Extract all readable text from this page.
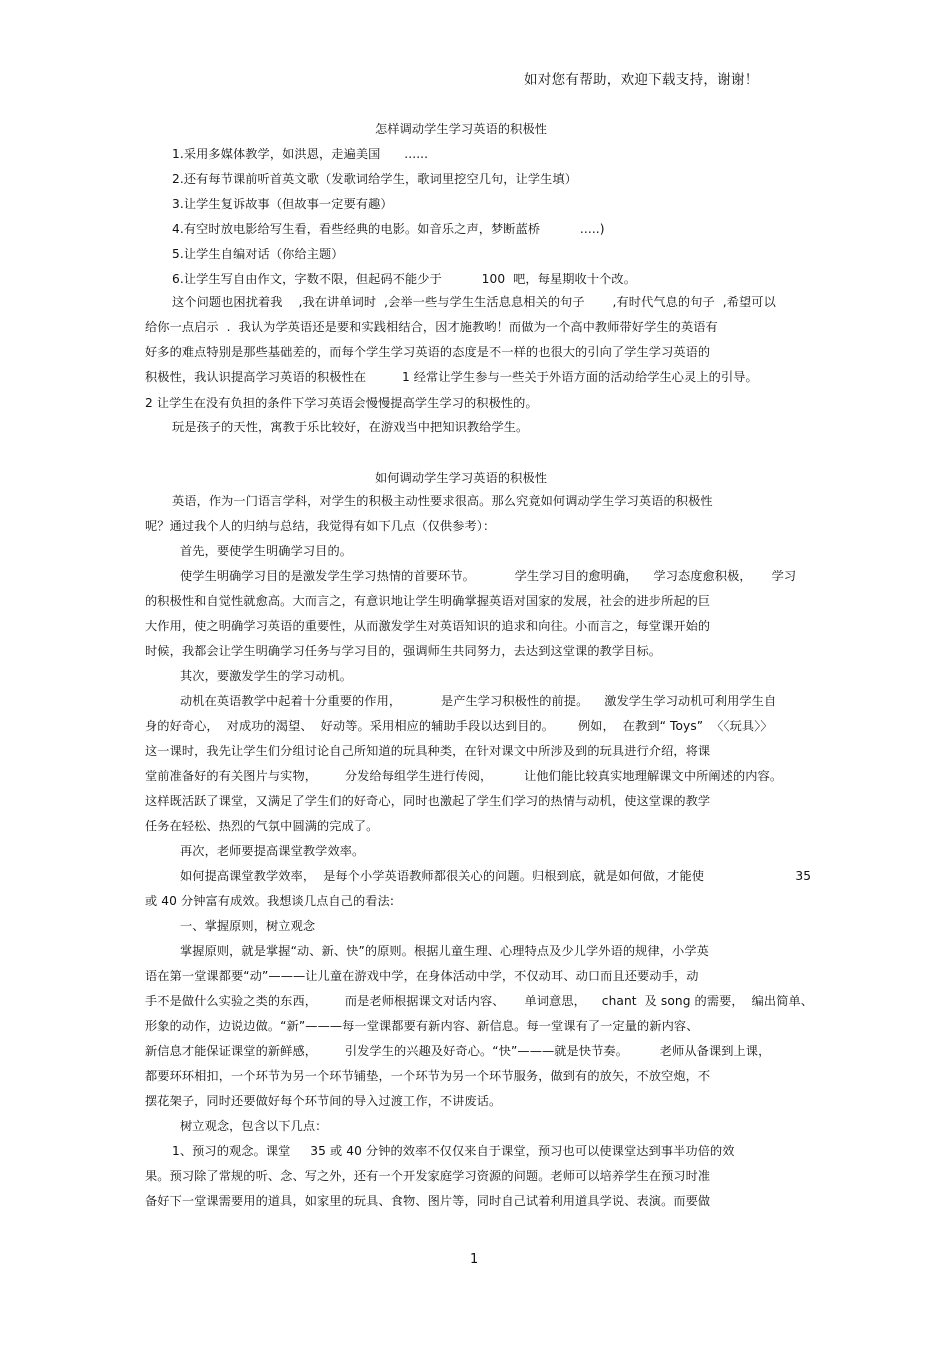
如对您有帮助，欢迎下载支持，谢谢！
怎样调动学生学习英语的积极性
1.采用多媒体教学，如洪恩，走遍美国      ......
2.还有每节课前听首英文歌（发歌词给学生，歌词里挖空几句，让学生填）
3.让学生复诉故事（但故事一定要有趣）
4.有空时放电影给写生看，看些经典的电影。如音乐之声，梦断蓝桥          .....)
5.让学生自编对话（你给主题）
6.让学生写自由作文，字数不限，但起码不能少于          100  吧，每星期收十个改。
这个问题也困扰着我    ,我在讲单词时  ,会举一些与学生生活息息相关的句子       ,有时代气息的句子  ,希望可以
给你一点启示  .  我认为学英语还是要和实践相结合，因才施教哟！而做为一个高中教师带好学生的英语有
好多的难点特别是那些基础差的，而每个学生学习英语的态度是不一样的也很大的引向了学生学习英语的
积极性，我认识提高学习英语的积极性在         1 经常让学生参与一些关于外语方面的活动给学生心灵上的引导。
2 让学生在没有负担的条件下学习英语会慢慢提高学生学习的积极性的。
玩是孩子的天性，寓教于乐比较好，在游戏当中把知识教给学生。
如何调动学生学习英语的积极性
英语，作为一门语言学科，对学生的积极主动性要求很高。那么究竟如何调动学生学习英语的积极性
呢？通过我个人的归纳与总结，我觉得有如下几点（仅供参考）：
首先，要使学生明确学习目的。
使学生明确学习目的是激发学生学习热情的首要环节。          学生学习目的愈明确，    学习态度愈积极，     学习
的积极性和自觉性就愈高。大而言之，有意识地让学生明确掌握英语对国家的发展，社会的进步所起的巨
大作用，使之明确学习英语的重要性，从而激发学生对英语知识的追求和向往。小而言之，每堂课开始的
时候，我都会让学生明确学习任务与学习目的，强调师生共同努力，去达到这堂课的教学目标。
其次，要激发学生的学习动机。
动机在英语教学中起着十分重要的作用，          是产生学习积极性的前提。    激发学生学习动机可利用学生自
身的好奇心，  对成功的渴望、  好动等。采用相应的辅助手段以达到目的。      例如，  在教到“ Toys”  〈〈玩具〉〉
这一课时，我先让学生们分组讨论自己所知道的玩具种类，在针对课文中所涉及到的玩具进行介绍，将课
堂前准备好的有关图片与实物，       分发给每组学生进行传阅，        让他们能比较真实地理解课文中所阐述的内容。
这样既活跃了课堂，又满足了学生们的好奇心，同时也激起了学生们学习的热情与动机，使这堂课的教学
任务在轻松、热烈的气氛中圆满的完成了。
再次，老师要提高课堂教学效率。
如何提高课堂教学效率，  是每个小学英语教师都很关心的问题。归根到底，就是如何做，才能使                       35
或 40 分钟富有成效。我想谈几点自己的看法:
一、掌握原则，树立观念
掌握原则，就是掌握“动、新、快”的原则。根据儿童生理、心理特点及少儿学外语的规律，小学英
语在第一堂课都要“动”———让儿童在游戏中学，在身体活动中学，不仅动耳、动口而且还要动手，动
手不是做什么实验之类的东西，       而是老师根据课文对话内容、     单词意思，    chant  及 song 的需要，  编出简单、
形象的动作，边说边做。“新”———每一堂课都要有新内容、新信息。每一堂课有了一定量的新内容、
新信息才能保证课堂的新鲜感，       引发学生的兴趣及好奇心。“快”———就是快节奏。        老师从备课到上课，
都要环环相扣，一个环节为另一个环节铺垫，一个环节为另一个环节服务，做到有的放矢，不放空炮，不
摆花架子，同时还要做好每个环节间的导入过渡工作，不讲废话。
树立观念，包含以下几点：
1、预习的观念。课堂     35 或 40 分钟的效率不仅仅来自于课堂，预习也可以使课堂达到事半功倍的效
果。预习除了常规的听、念、写之外，还有一个开发家庭学习资源的问题。老师可以培养学生在预习时准
备好下一堂课需要用的道具，如家里的玩具、食物、图片等，同时自己试着利用道具学说、表演。而要做
1
